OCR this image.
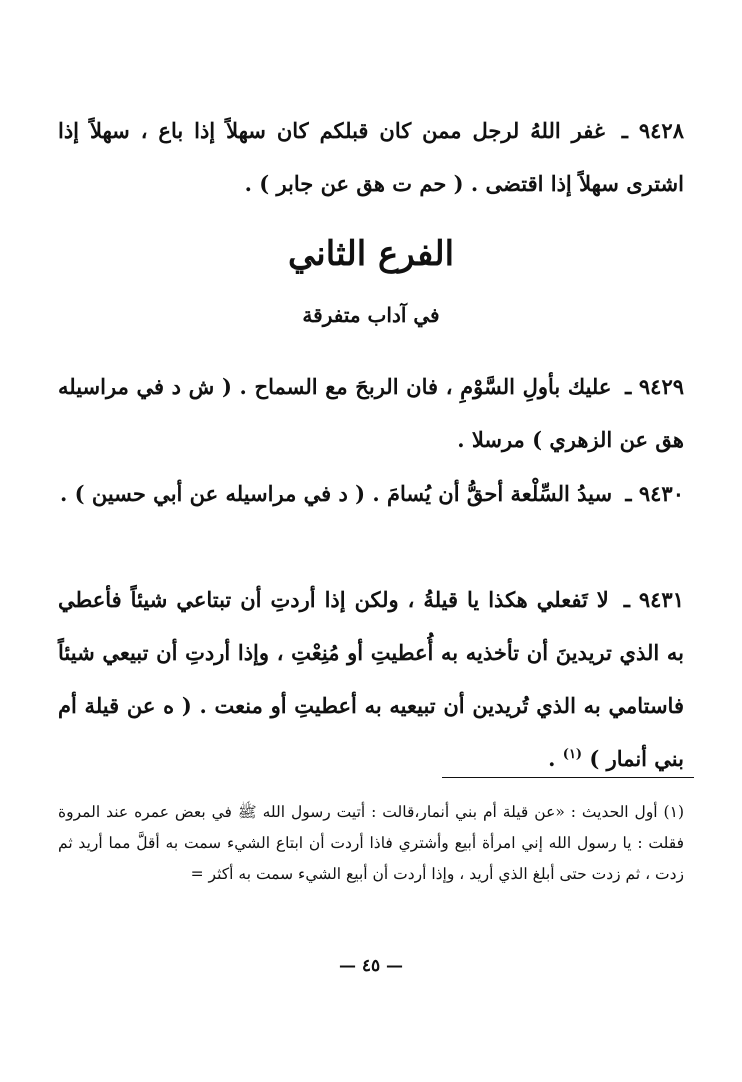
٩٤٢٨ ـ غفر اللهُ لرجل ممن كان قبلكم كان سهلاً إذا باع ، سهلاً إذا اشترى سهلاً إذا اقتضى . ( حم ت هق عن جابر ) .

الفرع الثاني
في آداب متفرقة

٩٤٢٩ ـ عليك بأولِ السَّوْمِ ، فان الربحَ مع السماح . ( ش د في مراسيله هق عن الزهري ) مرسلا .

٩٤٣٠ ـ سيدُ السِّلْعة أحقُّ أن يُسامَ . ( د في مراسيله عن أبي حسين ) .

٩٤٣١ ـ لا تَفعلي هكذا يا قيلةُ ، ولكن إذا أردتِ أن تبتاعي شيئاً فأعطي به الذي تريدينَ أن تأخذيه به أُعطيتِ أو مُنِعْتِ ، وإذا أردتِ أن تبيعي شيئاً فاستامي به الذي تُريدين أن تبيعيه به أعطيتِ أو منعت . ( ه عن قيلة أم بني أنمار ) $^{(١)}$ .

(١) أول الحديث : «عن قيلة أم بني أنمار،قالت : أتيت رسول الله ﷺ في بعض عمره عند المروة فقلت : يا رسول الله إني امرأة أبيع وأشتري فاذا أردت أن ابتاع الشيء سمت به أقلَّ مما أريد ثم زدت ، ثم زدت حتى أبلغ الذي أريد ، وإذا أردت أن أبيع الشيء سمت به أكثر =

— ٤٥ —
